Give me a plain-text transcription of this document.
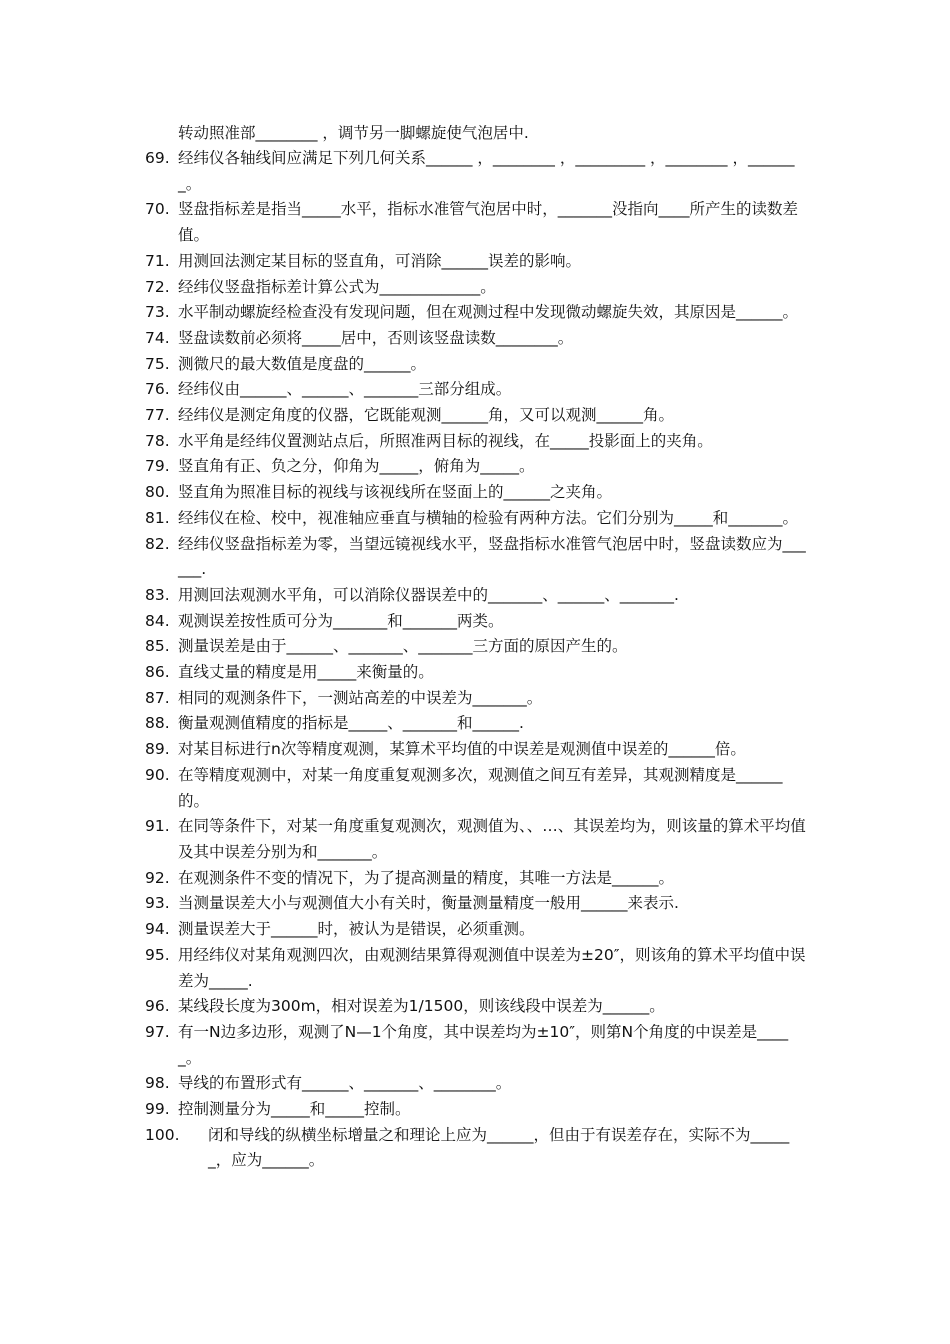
转动照准部________ ，调节另一脚螺旋使气泡居中.
69. 经纬仪各轴线间应满足下列几何关系______ ，________ ，_________ ，________ ，_______。
70. 竖盘指标差是指当_____水平，指标水准管气泡居中时，_______没指向____所产生的读数差值。
71. 用测回法测定某目标的竖直角，可消除______误差的影响。
72. 经纬仪竖盘指标差计算公式为_____________。
73. 水平制动螺旋经检查没有发现问题，但在观测过程中发现微动螺旋失效，其原因是______。
74. 竖盘读数前必须将_____居中，否则该竖盘读数________。
75. 测微尺的最大数值是度盘的______。
76. 经纬仪由______、______、_______三部分组成。
77. 经纬仪是测定角度的仪器，它既能观测______角，又可以观测______角。
78. 水平角是经纬仪置测站点后，所照准两目标的视线，在_____投影面上的夹角。
79. 竖直角有正、负之分，仰角为_____，俯角为_____。
80. 竖直角为照准目标的视线与该视线所在竖面上的______之夹角。
81. 经纬仪在检、校中，视准轴应垂直与横轴的检验有两种方法。它们分别为_____和_______。
82. 经纬仪竖盘指标差为零，当望远镜视线水平，竖盘指标水准管气泡居中时，竖盘读数应为______.
83. 用测回法观测水平角，可以消除仪器误差中的_______、______、_______.
84. 观测误差按性质可分为_______和_______两类。
85. 测量误差是由于______、_______、_______三方面的原因产生的。
86. 直线丈量的精度是用_____来衡量的。
87. 相同的观测条件下，一测站高差的中误差为_______。
88. 衡量观测值精度的指标是_____、_______和______.
89. 对某目标进行n次等精度观测，某算术平均值的中误差是观测值中误差的______倍。
90. 在等精度观测中，对某一角度重复观测多次，观测值之间互有差异，其观测精度是______的。
91. 在同等条件下，对某一角度重复观测次，观测值为、、…、其误差均为，则该量的算术平均值及其中误差分别为和_______。
92. 在观测条件不变的情况下，为了提高测量的精度，其唯一方法是______。
93. 当测量误差大小与观测值大小有关时，衡量测量精度一般用______来表示.
94. 测量误差大于______时，被认为是错误，必须重测。
95. 用经纬仪对某角观测四次，由观测结果算得观测值中误差为±20″，则该角的算术平均值中误差为_____.
96. 某线段长度为300m，相对误差为1/1500，则该线段中误差为______。
97. 有一N边多边形，观测了N—1个角度，其中误差均为±10″，则第N个角度的中误差是_____。
98. 导线的布置形式有______、_______、________。
99. 控制测量分为_____和_____控制。
100. 闭和导线的纵横坐标增量之和理论上应为______，但由于有误差存在，实际不为______，应为______。
